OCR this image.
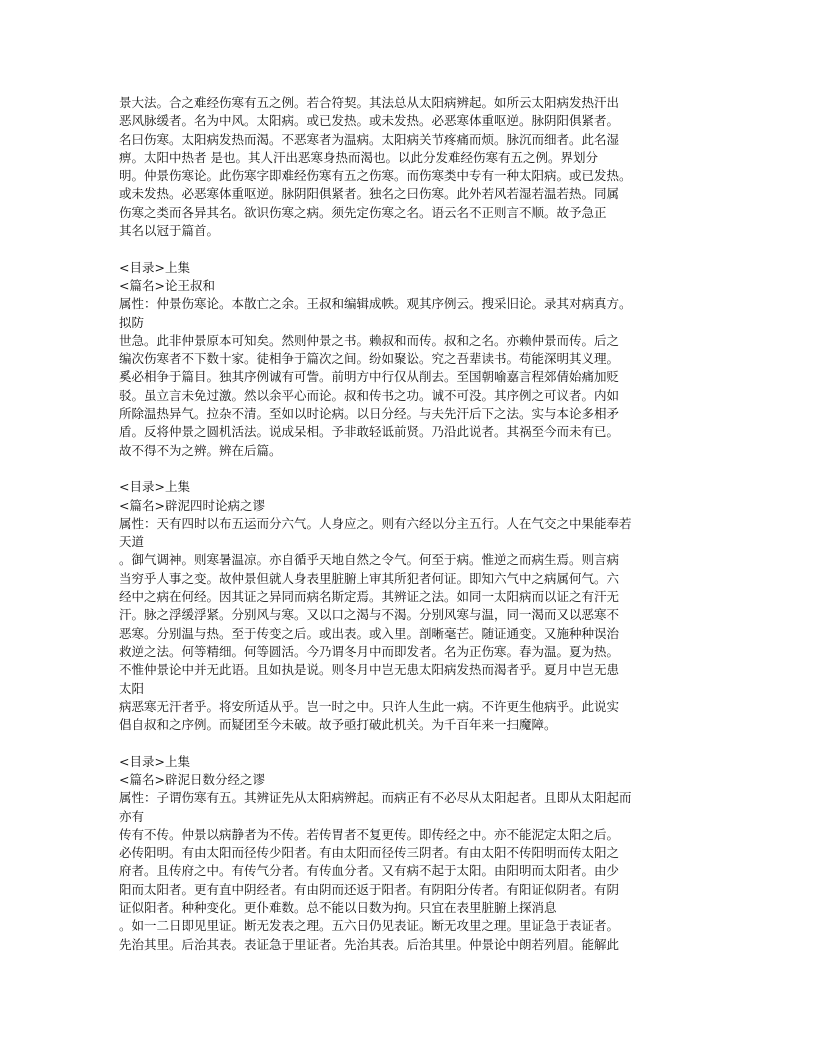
景大法。合之难经伤寒有五之例。若合符契。其法总从太阳病辨起。如所云太阳病发热汗出
恶风脉缓者。名为中风。太阳病。或已发热。或未发热。必恶寒体重呕逆。脉阴阳俱紧者。
名曰伤寒。太阳病发热而渴。不恶寒者为温病。太阳病关节疼痛而烦。脉沉而细者。此名湿
痹。太阳中热者 是也。其人汗出恶寒身热而渴也。以此分发难经伤寒有五之例。界划分
明。仲景伤寒论。此伤寒字即难经伤寒有五之伤寒。而伤寒类中专有一种太阳病。或已发热。
或未发热。必恶寒体重呕逆。脉阴阳俱紧者。独名之曰伤寒。此外若风若湿若温若热。同属
伤寒之类而各异其名。欲识伤寒之病。须先定伤寒之名。语云名不正则言不顺。故予急正
其名以冠于篇首。
<目录>上集
<篇名>论王叔和
属性：仲景伤寒论。本散亡之余。王叔和编辑成帙。观其序例云。搜采旧论。录其对病真方。
拟防
世急。此非仲景原本可知矣。然则仲景之书。赖叔和而传。叔和之名。亦赖仲景而传。后之
编次伤寒者不下数十家。徒相争于篇次之间。纷如聚讼。究之吾辈读书。苟能深明其义理。
奚必相争于篇目。独其序例诚有可訾。前明方中行仅从削去。至国朝喻嘉言程郊倩始痛加贬
驳。虽立言未免过激。然以余平心而论。叔和传书之功。诚不可没。其序例之可议者。内如
所除温热异气。拉杂不清。至如以时论病。以日分经。与夫先汗后下之法。实与本论多相矛
盾。反将仲景之圆机活法。说成呆相。予非敢轻诋前贤。乃沿此说者。其祸至今而未有已。
故不得不为之辨。辨在后篇。
<目录>上集
<篇名>辟泥四时论病之谬
属性：天有四时以布五运而分六气。人身应之。则有六经以分主五行。人在气交之中果能奉若
天道
。御气调神。则寒暑温凉。亦自循乎天地自然之令气。何至于病。惟逆之而病生焉。则言病
当穷乎人事之变。故仲景但就人身表里脏腑上审其所犯者何证。即知六气中之病属何气。六
经中之病在何经。因其证之异同而病名斯定焉。其辨证之法。如同一太阳病而以证之有汗无
汗。脉之浮缓浮紧。分别风与寒。又以口之渴与不渴。分别风寒与温，同一渴而又以恶寒不
恶寒。分别温与热。至于传变之后。或出表。或入里。剖晰毫芒。随证通变。又施种种误治
救逆之法。何等精细。何等圆活。今乃谓冬月中而即发者。名为正伤寒。春为温。夏为热。
不惟仲景论中并无此语。且如执是说。则冬月中岂无患太阳病发热而渴者乎。夏月中岂无患
太阳
病恶寒无汗者乎。将安所适从乎。岂一时之中。只许人生此一病。不许更生他病乎。此说实
倡自叔和之序例。而疑团至今未破。故予亟打破此机关。为千百年来一扫魔障。
<目录>上集
<篇名>辟泥日数分经之谬
属性：子谓伤寒有五。其辨证先从太阳病辨起。而病正有不必尽从太阳起者。且即从太阳起而
亦有
传有不传。仲景以病静者为不传。若传胃者不复更传。即传经之中。亦不能泥定太阳之后。
必传阳明。有由太阳而径传少阳者。有由太阳而径传三阴者。有由太阳不传阳明而传太阳之
府者。且传府之中。有传气分者。有传血分者。又有病不起于太阳。由阳明而太阳者。由少
阳而太阳者。更有直中阴经者。有由阴而还返于阳者。有阴阳分传者。有阳证似阴者。有阴
证似阳者。种种变化。更仆难数。总不能以日数为拘。只宜在表里脏腑上探消息
。如一二日即见里证。断无发表之理。五六日仍见表证。断无攻里之理。里证急于表证者。
先治其里。后治其表。表证急于里证者。先治其表。后治其里。仲景论中朗若列眉。能解此
